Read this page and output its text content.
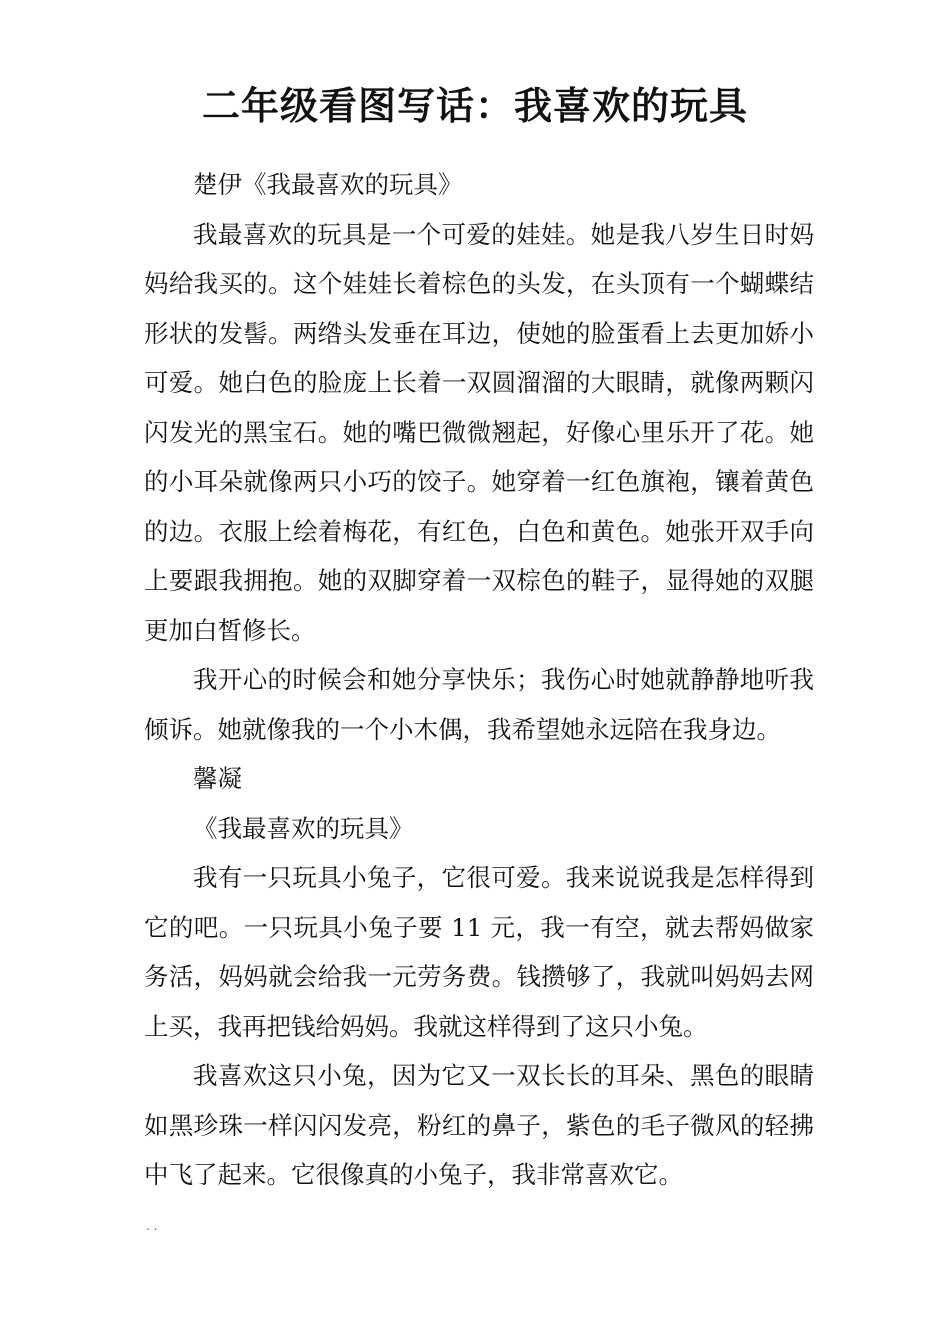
二年级看图写话：我喜欢的玩具

楚伊《我最喜欢的玩具》

我最喜欢的玩具是一个可爱的娃娃。她是我八岁生日时妈妈给我买的。这个娃娃长着棕色的头发，在头顶有一个蝴蝶结形状的发髻。两绺头发垂在耳边，使她的脸蛋看上去更加娇小可爱。她白色的脸庞上长着一双圆溜溜的大眼睛，就像两颗闪闪发光的黑宝石。她的嘴巴微微翘起，好像心里乐开了花。她的小耳朵就像两只小巧的饺子。她穿着一红色旗袍，镶着黄色的边。衣服上绘着梅花，有红色，白色和黄色。她张开双手向上要跟我拥抱。她的双脚穿着一双棕色的鞋子，显得她的双腿更加白皙修长。

我开心的时候会和她分享快乐；我伤心时她就静静地听我倾诉。她就像我的一个小木偶，我希望她永远陪在我身边。

馨凝

《我最喜欢的玩具》

我有一只玩具小兔子，它很可爱。我来说说我是怎样得到它的吧。一只玩具小兔子要 11 元，我一有空，就去帮妈做家务活，妈妈就会给我一元劳务费。钱攒够了，我就叫妈妈去网上买，我再把钱给妈妈。我就这样得到了这只小兔。

我喜欢这只小兔，因为它又一双长长的耳朵、黑色的眼睛如黑珍珠一样闪闪发亮，粉红的鼻子，紫色的毛子微风的轻拂中飞了起来。它很像真的小兔子，我非常喜欢它。

. .
